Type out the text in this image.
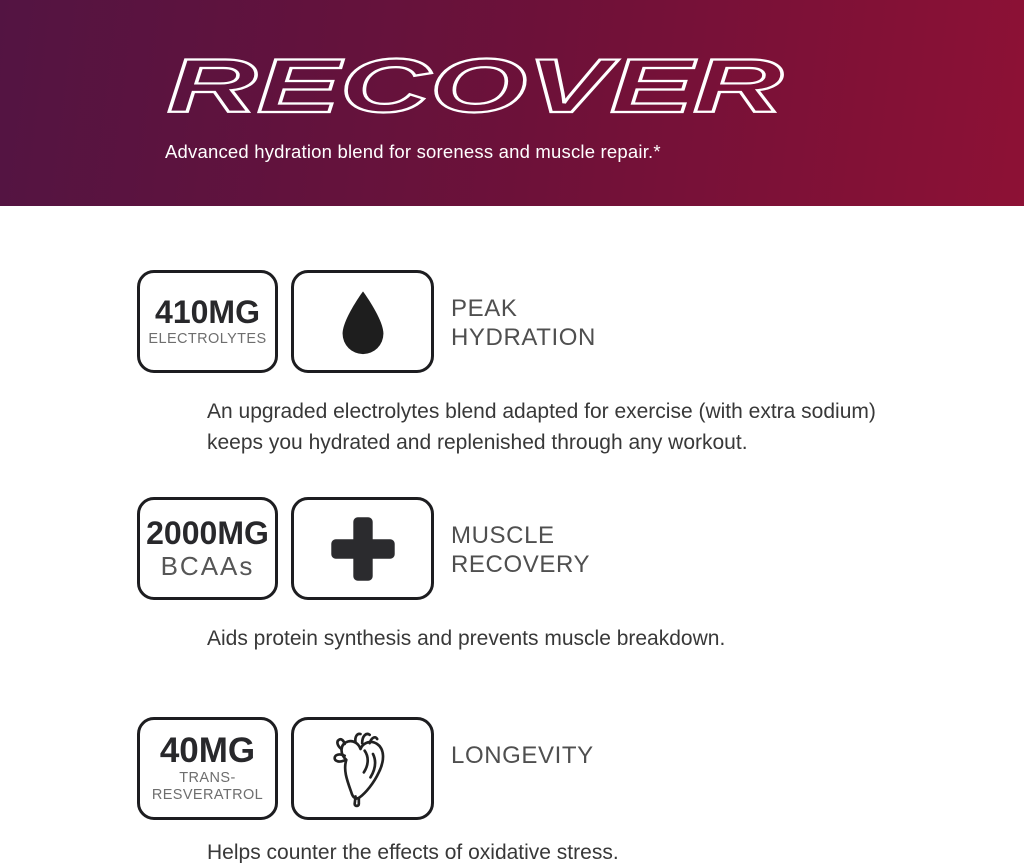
RECOVER

Advanced hydration blend for soreness and muscle repair.*

410MG
ELECTROLYTES
PEAK
HYDRATION

An upgraded electrolytes blend adapted for exercise (with extra sodium) keeps you hydrated and replenished through any workout.

2000MG
BCAAs
MUSCLE
RECOVERY

Aids protein synthesis and prevents muscle breakdown.

40MG
TRANS-
RESVERATROL
LONGEVITY

Helps counter the effects of oxidative stress.
